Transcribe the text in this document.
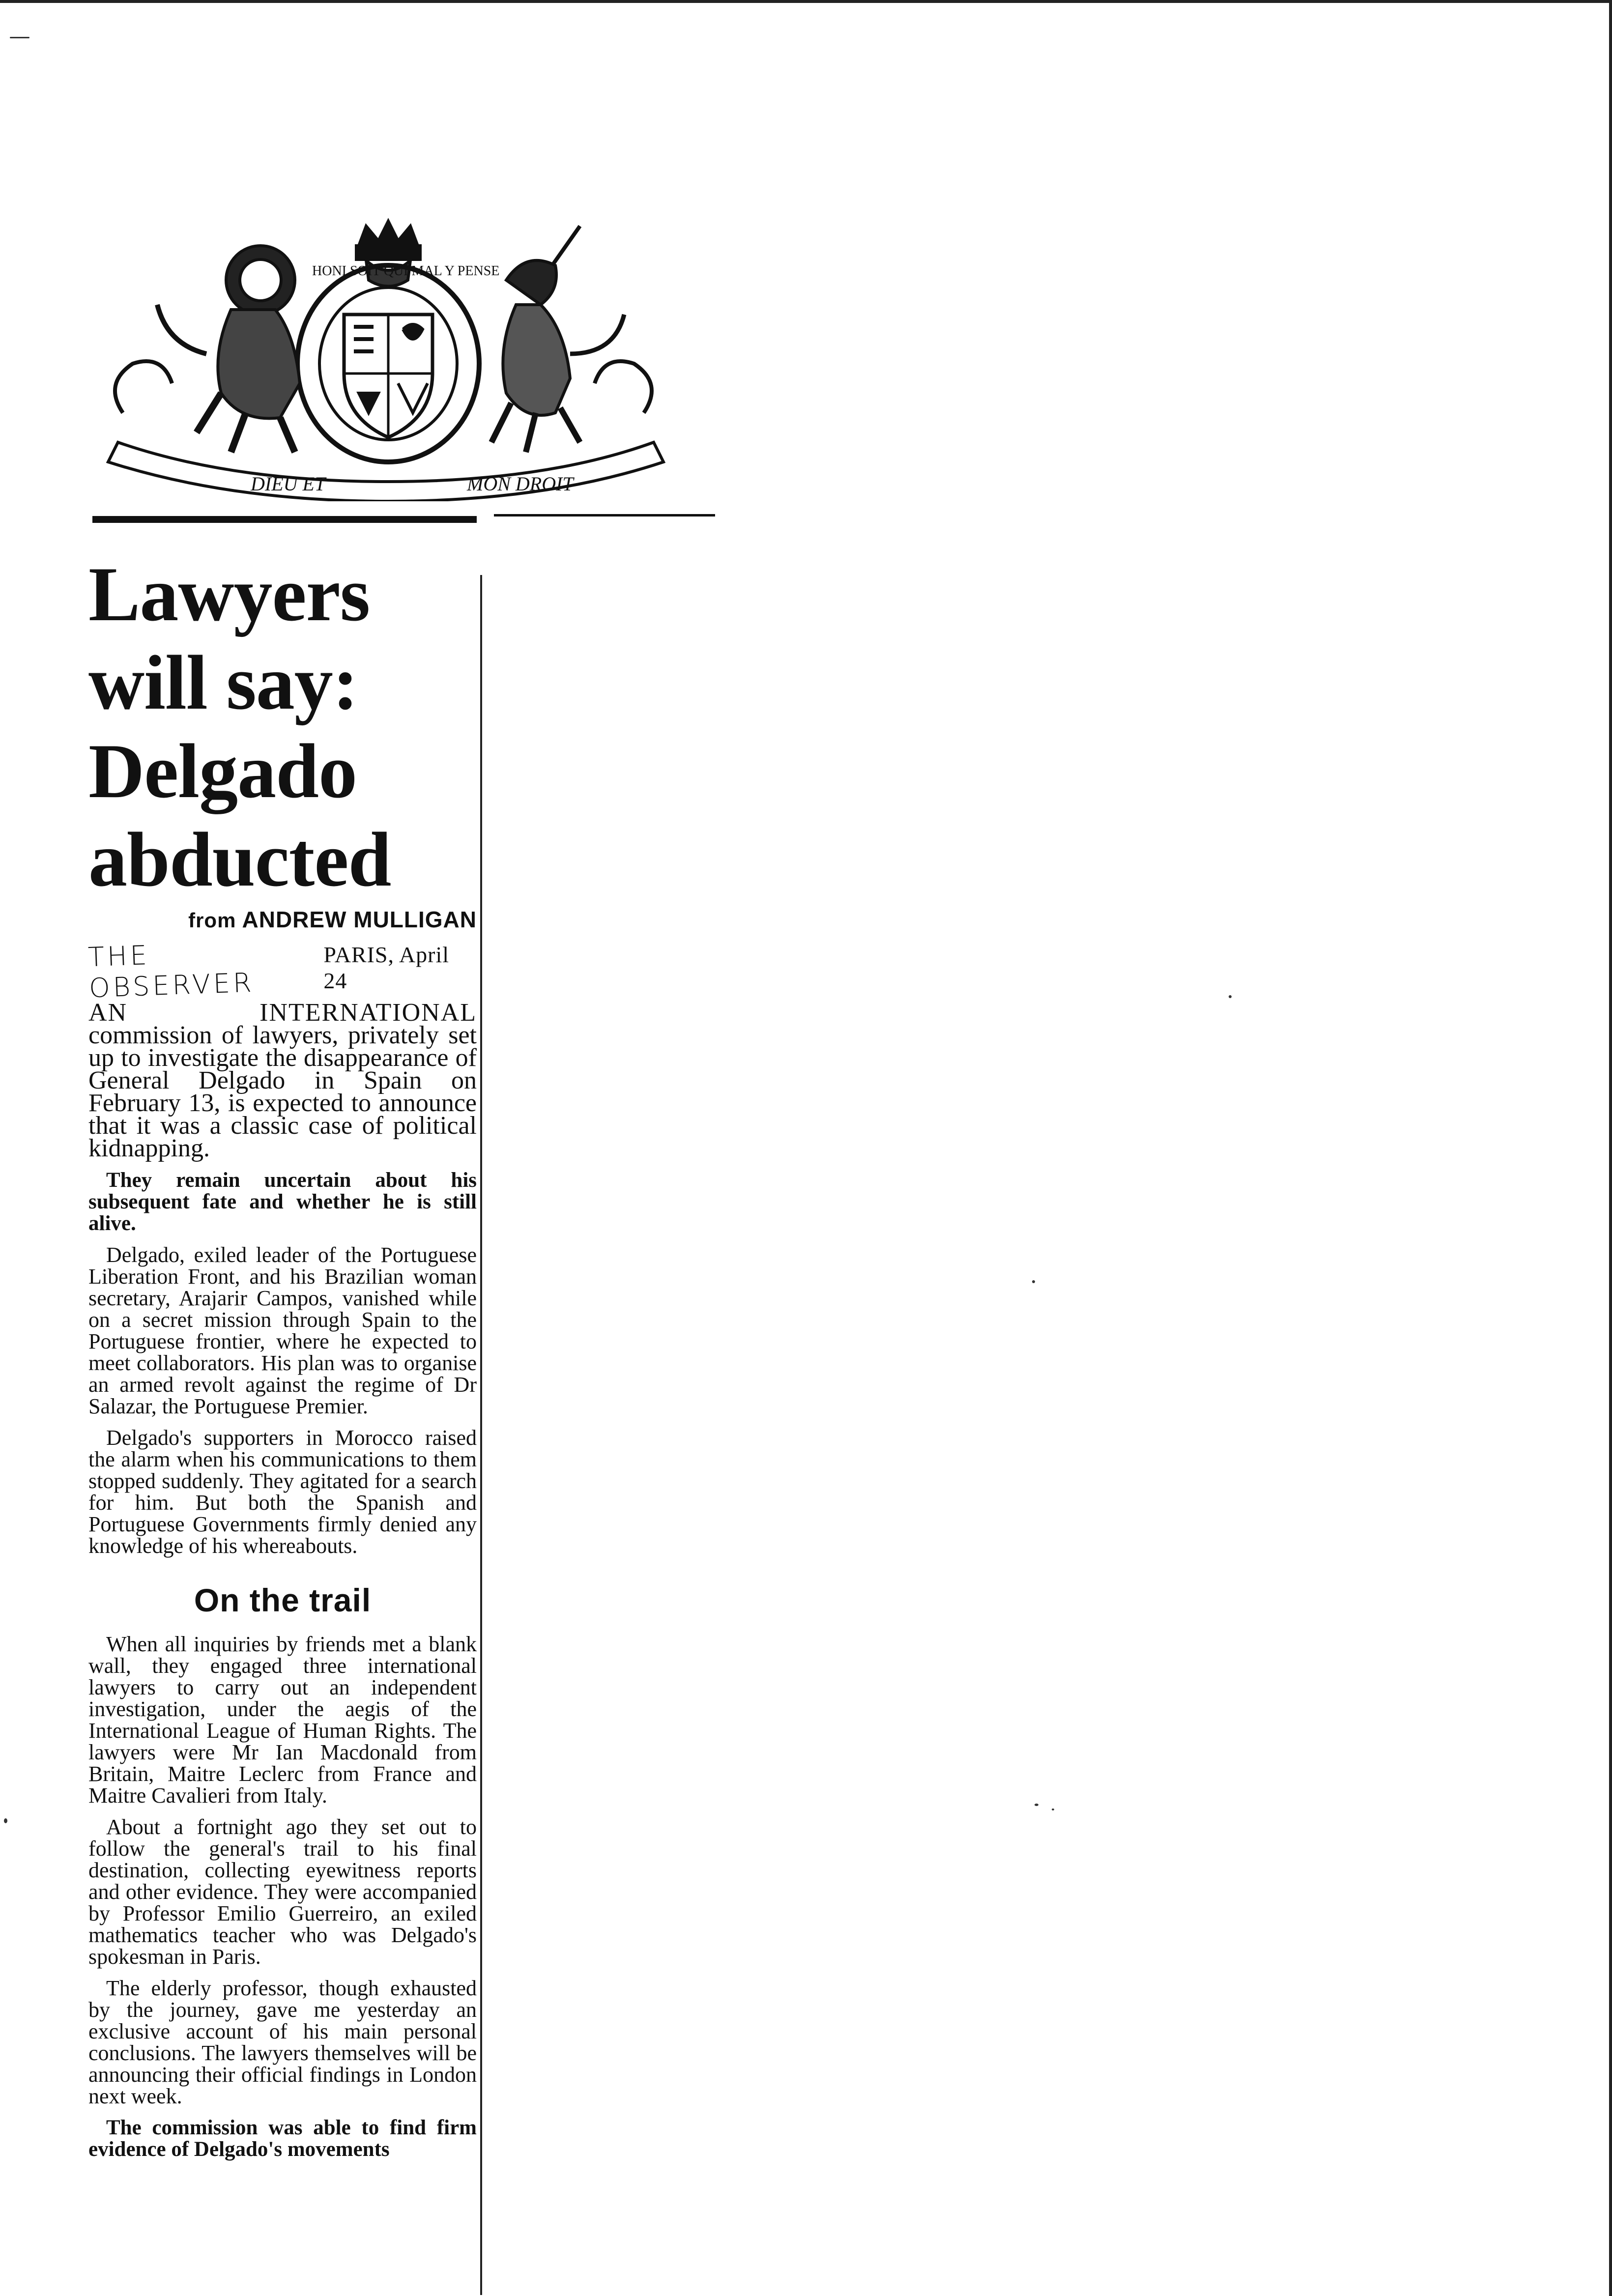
DIEU ET	MON DROIT
HONI SOIT QUI MAL Y PENSE
Lawyers
will say:
Delgado
abducted
from ANDREW MULLIGAN
THE OBSERVER
PARIS, April 24

AN INTERNATIONAL commission of lawyers, privately set up to investigate the disappearance of General Delgado in Spain on February 13, is expected to announce that it was a classic case of political kidnapping.

They remain uncertain about his subsequent fate and whether he is still alive.

Delgado, exiled leader of the Portuguese Liberation Front, and his Brazilian woman secretary, Arajarir Campos, vanished while on a secret mission through Spain to the Portuguese frontier, where he expected to meet collaborators. His plan was to organise an armed revolt against the regime of Dr Salazar, the Portuguese Premier.

Delgado's supporters in Morocco raised the alarm when his communications to them stopped suddenly. They agitated for a search for him. But both the Spanish and Portuguese Governments firmly denied any knowledge of his whereabouts.

On the trail

When all inquiries by friends met a blank wall, they engaged three international lawyers to carry out an independent investigation, under the aegis of the International League of Human Rights. The lawyers were Mr Ian Macdonald from Britain, Maitre Leclerc from France and Maitre Cavalieri from Italy.

About a fortnight ago they set out to follow the general's trail to his final destination, collecting eyewitness reports and other evidence. They were accompanied by Professor Emilio Guerreiro, an exiled mathematics teacher who was Delgado's spokesman in Paris.

The elderly professor, though exhausted by the journey, gave me yesterday an exclusive account of his main personal conclusions. The lawyers themselves will be announcing their official findings in London next week.

The commission was able to find firm evidence of Delgado's movements
